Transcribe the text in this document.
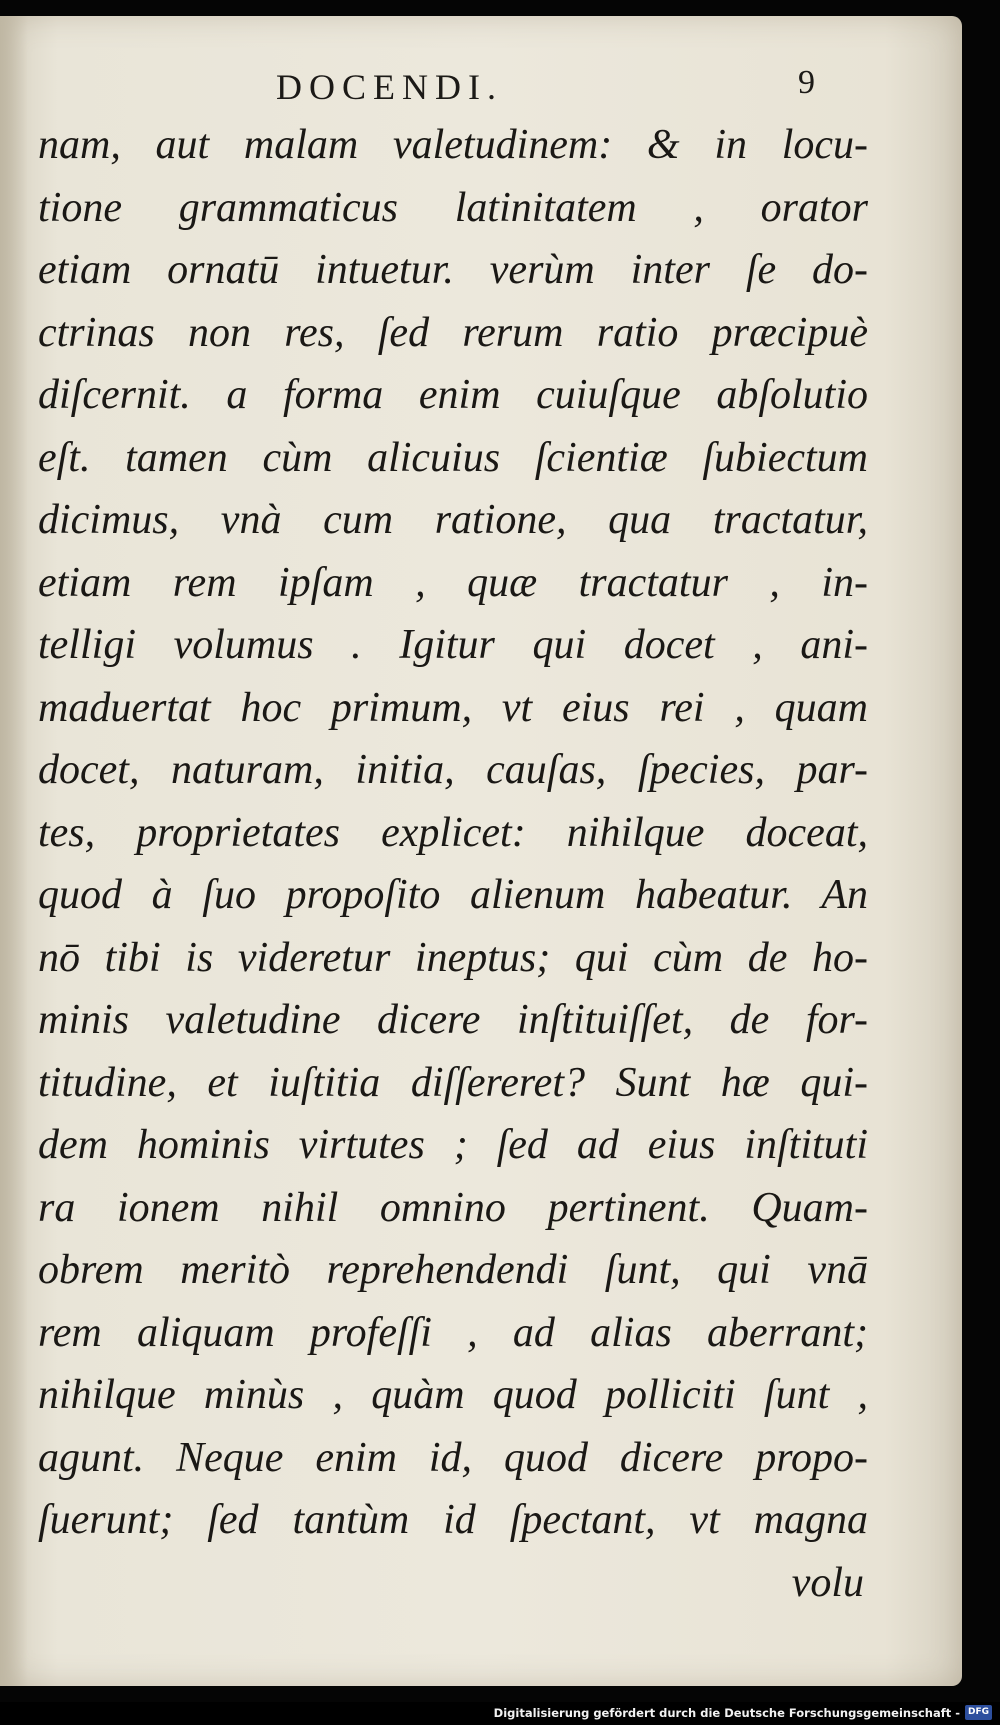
DOCENDI.	9
nam, aut malam valetudinem: & in locu-
tione grammaticus latinitatem , orator
etiam ornatū intuetur. verùm inter ſe do-
ctrinas non res, ſed rerum ratio præcipuè
diſcernit. a forma enim cuiuſque abſolutio
eſt. tamen cùm alicuius ſcientiæ ſubiectum
dicimus, vnà cum ratione, qua tractatur,
etiam rem ipſam , quæ tractatur , in-
telligi volumus . Igitur qui docet , ani-
maduertat hoc primum, vt eius rei , quam
docet, naturam, initia, cauſas, ſpecies, par-
tes, proprietates explicet: nihilque doceat,
quod à ſuo propoſito alienum habeatur. An
nō tibi is videretur ineptus; qui cùm de ho-
minis valetudine dicere inſtituiſſet, de for-
titudine, et iuſtitia diſſereret? Sunt hæ qui-
dem hominis virtutes ; ſed ad eius inſtituti
ra ionem nihil omnino pertinent. Quam-
obrem meritò reprehendendi ſunt, qui vnā
rem aliquam profeſſi , ad alias aberrant;
nihilque minùs , quàm quod polliciti ſunt ,
agunt. Neque enim id, quod dicere propo-
ſuerunt; ſed tantùm id ſpectant, vt magna
volu
Digitalisierung gefördert durch die Deutsche Forschungsgemeinschaft - DFG
